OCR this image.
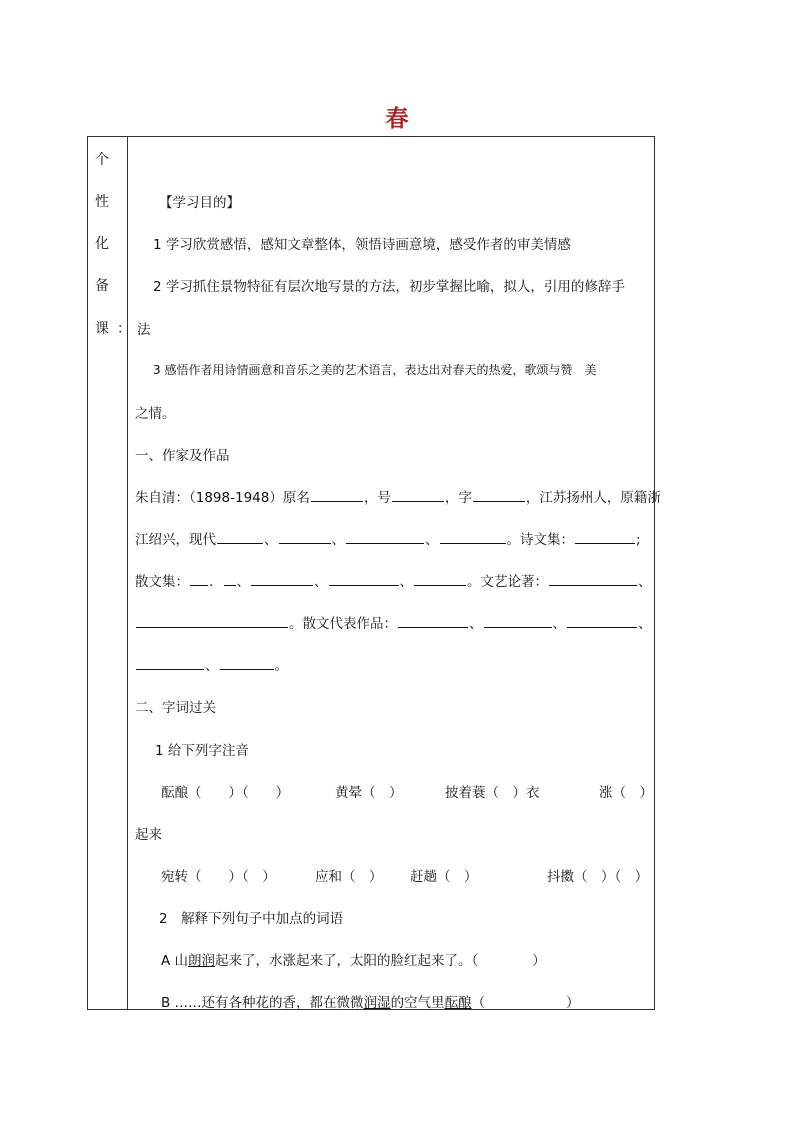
春
个
性
化
备
课 ：
【学习目的】
1 学习欣赏感悟，感知文章整体，领悟诗画意境，感受作者的审美情感
2 学习抓住景物特征有层次地写景的方法，初步掌握比喻，拟人，引用的修辞手
法
3 感悟作者用诗情画意和音乐之美的艺术语言，表达出对春天的热爱，歌颂与赞　美
之情。
一、作家及作品
朱自清：（1898-1948）原名	，号	，字	，江苏扬州人，原籍浙
江绍兴，现代	、	、	、	。诗文集：	;
散文集： ． 、	、	、	。文艺论著：	、
。散文代表作品：	、	、	、
、	。
二、字词过关
1 给下列字注音
酝酿（　　）（　　）	黄晕（　）	披着蓑（　）衣	涨（　）
起来
宛转（　　）（　）	应和（　） 赶趟（　）	抖擞（　）（　）
2　解释下列句子中加点的词语
A 山朗润起来了，水涨起来了，太阳的脸红起来了。（　　　　）
B ……还有各种花的香，都在微微润湿的空气里酝酿（　　　　　　）
